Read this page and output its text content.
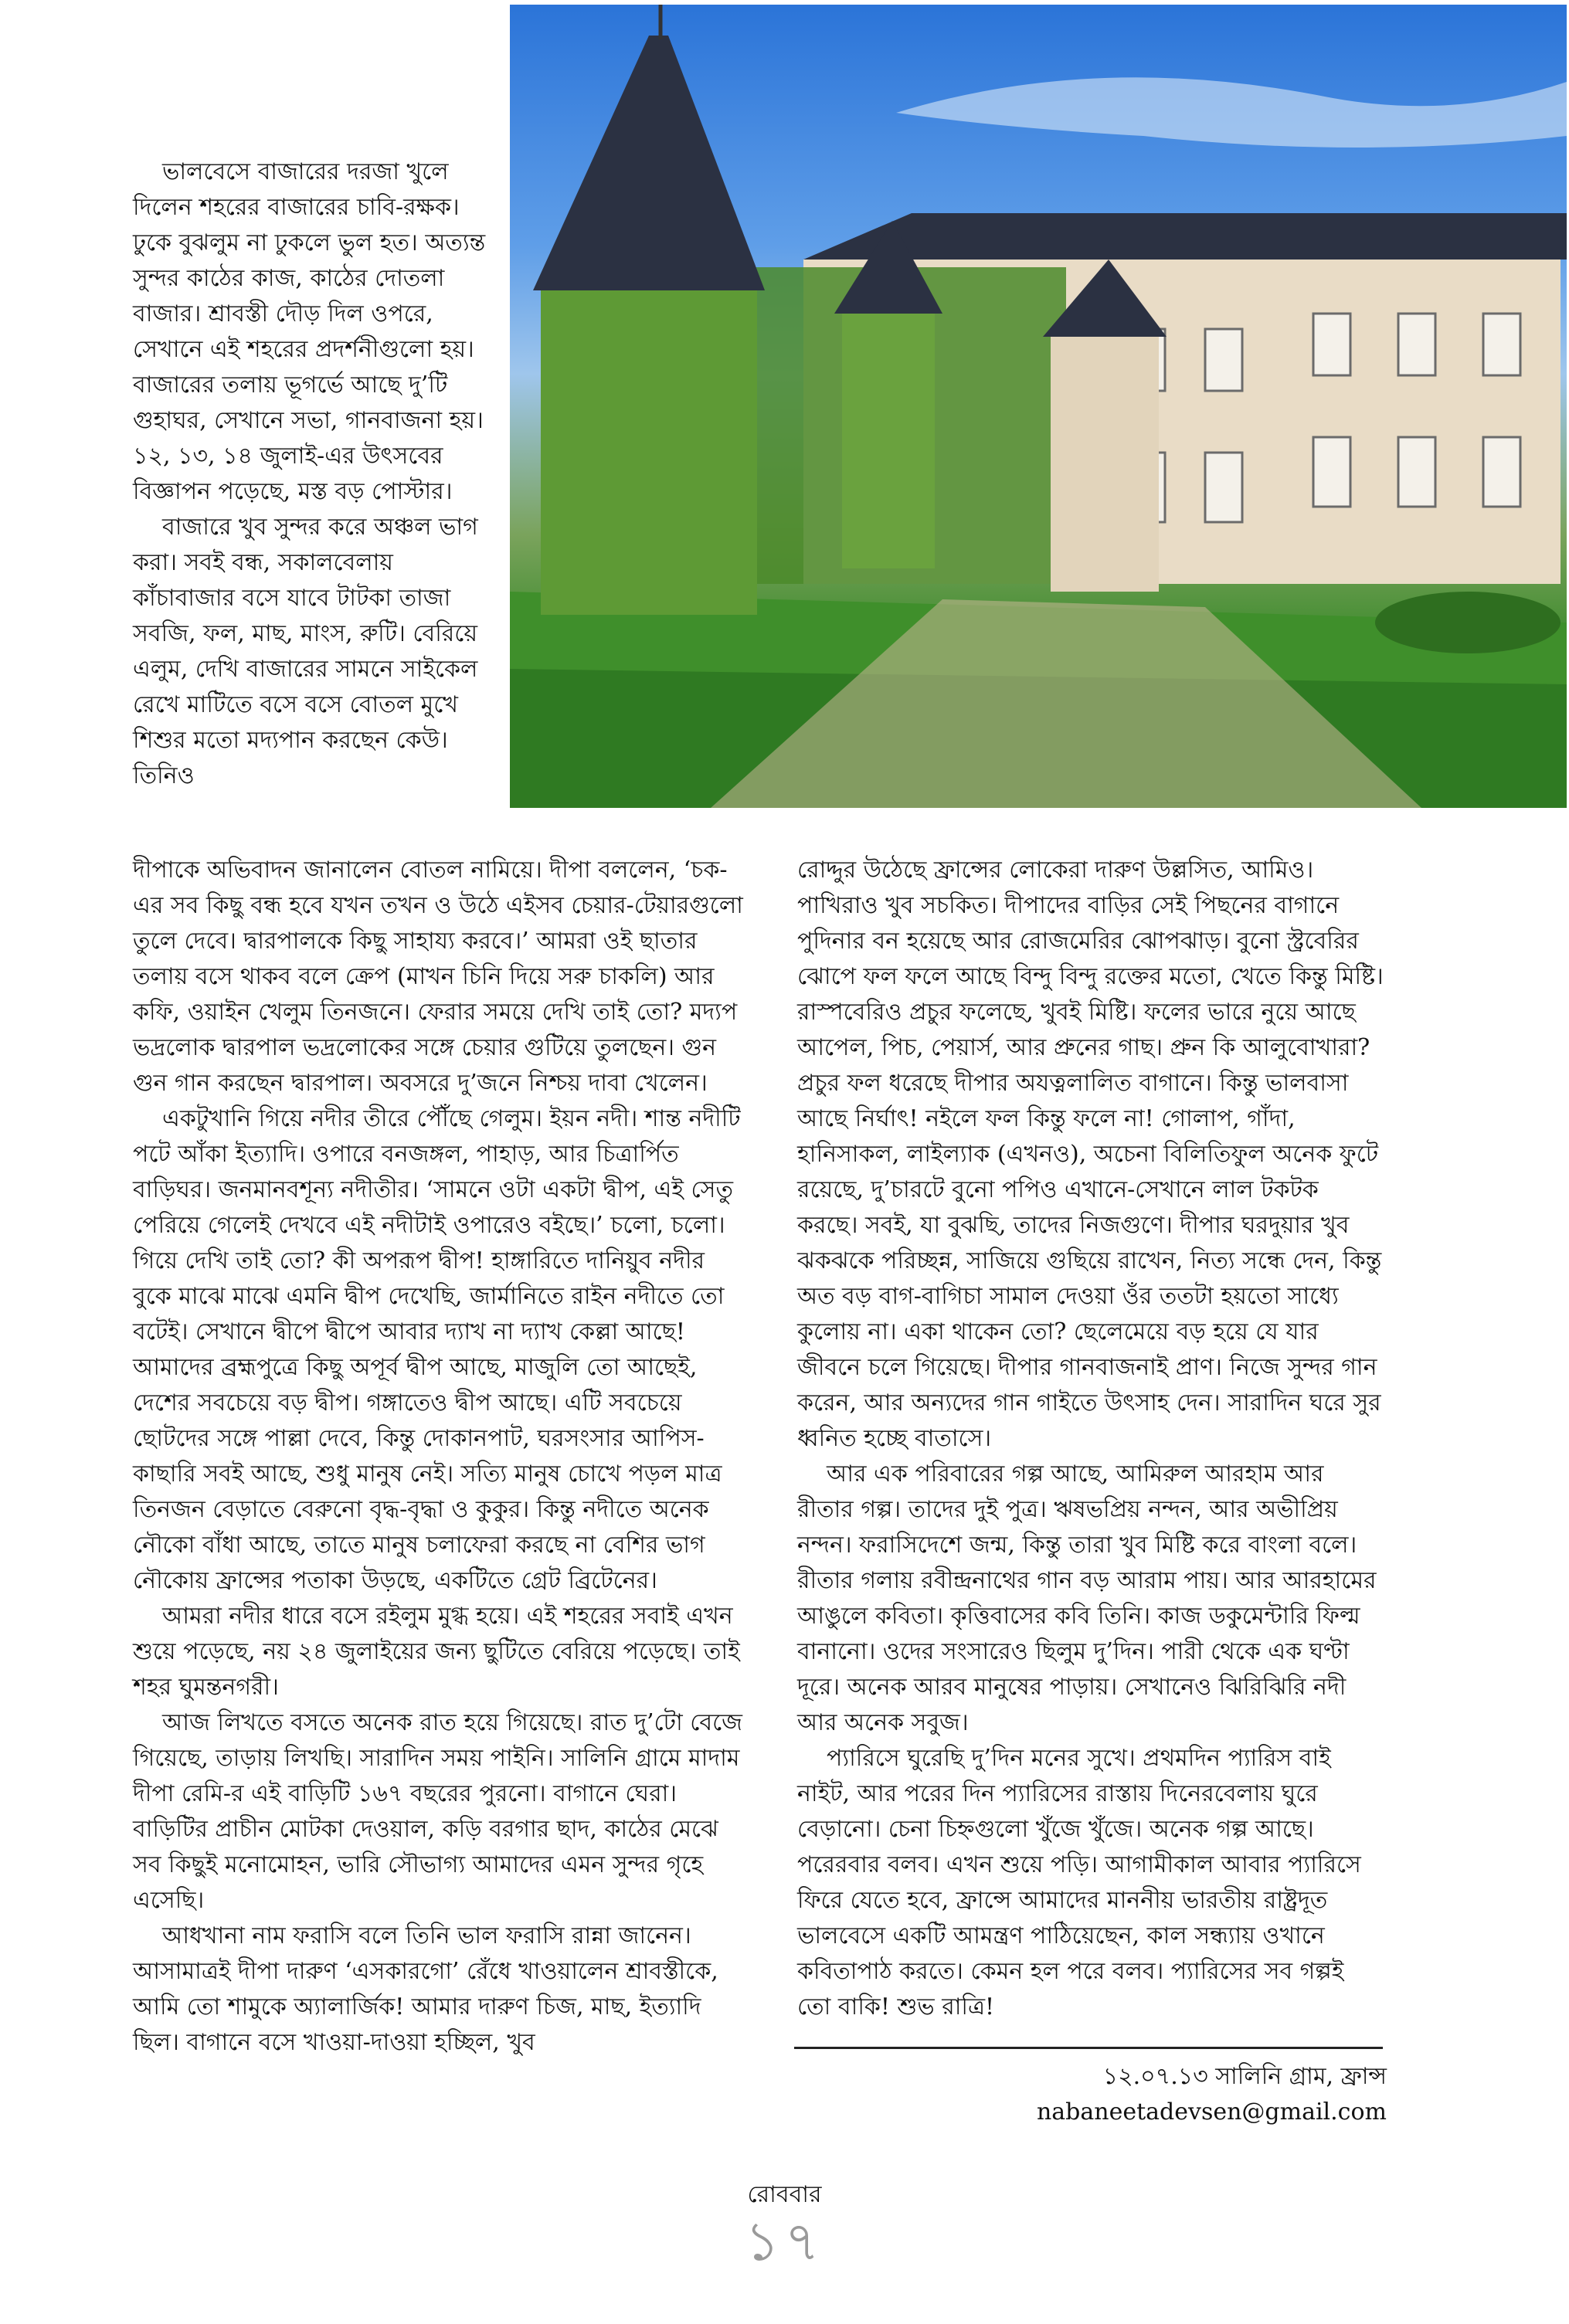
ভালবেসে বাজারের দরজা খুলে দিলেন শহরের বাজারের চাবি-রক্ষক। ঢুকে বুঝলুম না ঢুকলে ভুল হত। অত্যন্ত সুন্দর কাঠের কাজ, কাঠের দোতলা বাজার। শ্রাবস্তী দৌড় দিল ওপরে, সেখানে এই শহরের প্রদর্শনীগুলো হয়। বাজারের তলায় ভূগর্ভে আছে দু’টি গুহাঘর, সেখানে সভা, গানবাজনা হয়। ১২, ১৩, ১৪ জুলাই-এর উৎসবের বিজ্ঞাপন পড়েছে, মস্ত বড় পোস্টার।

বাজারে খুব সুন্দর করে অঞ্চল ভাগ করা। সবই বন্ধ, সকালবেলায় কাঁচাবাজার বসে যাবে টাটকা তাজা সবজি, ফল, মাছ, মাংস, রুটি। বেরিয়ে এলুম, দেখি বাজারের সামনে সাইকেল রেখে মাটিতে বসে বসে বোতল মুখে শিশুর মতো মদ্যপান করছেন কেউ। তিনিও

দীপাকে অভিবাদন জানালেন বোতল নামিয়ে। দীপা বললেন, ‘চক-এর সব কিছু বন্ধ হবে যখন তখন ও উঠে এইসব চেয়ার-টেয়ারগুলো তুলে দেবে। দ্বারপালকে কিছু সাহায্য করবে।’ আমরা ওই ছাতার তলায় বসে থাকব বলে ক্রেপ (মাখন চিনি দিয়ে সরু চাকলি) আর কফি, ওয়াইন খেলুম তিনজনে। ফেরার সময়ে দেখি তাই তো? মদ্যপ ভদ্রলোক দ্বারপাল ভদ্রলোকের সঙ্গে চেয়ার গুটিয়ে তুলছেন। গুন গুন গান করছেন দ্বারপাল। অবসরে দু’জনে নিশ্চয় দাবা খেলেন।

একটুখানি গিয়ে নদীর তীরে পৌঁছে গেলুম। ইয়ন নদী। শান্ত নদীটি পটে আঁকা ইত্যাদি। ওপারে বনজঙ্গল, পাহাড়, আর চিত্রার্পিত বাড়িঘর। জনমানবশূন্য নদীতীর। ‘সামনে ওটা একটা দ্বীপ, এই সেতু পেরিয়ে গেলেই দেখবে এই নদীটাই ওপারেও বইছে।’ চলো, চলো। গিয়ে দেখি তাই তো? কী অপরূপ দ্বীপ! হাঙ্গারিতে দানিয়ুব নদীর বুকে মাঝে মাঝে এমনি দ্বীপ দেখেছি, জার্মানিতে রাইন নদীতে তো বটেই। সেখানে দ্বীপে দ্বীপে আবার দ্যাখ না দ্যাখ কেল্লা আছে! আমাদের ব্রহ্মপুত্রে কিছু অপূর্ব দ্বীপ আছে, মাজুলি তো আছেই, দেশের সবচেয়ে বড় দ্বীপ। গঙ্গাতেও দ্বীপ আছে। এটি সবচেয়ে ছোটদের সঙ্গে পাল্লা দেবে, কিন্তু দোকানপাট, ঘরসংসার আপিস-কাছারি সবই আছে, শুধু মানুষ নেই। সত্যি মানুষ চোখে পড়ল মাত্র তিনজন বেড়াতে বেরুনো বৃদ্ধ-বৃদ্ধা ও কুকুর। কিন্তু নদীতে অনেক নৌকো বাঁধা আছে, তাতে মানুষ চলাফেরা করছে না বেশির ভাগ নৌকোয় ফ্রান্সের পতাকা উড়ছে, একটিতে গ্রেট ব্রিটেনের।

আমরা নদীর ধারে বসে রইলুম মুগ্ধ হয়ে। এই শহরের সবাই এখন শুয়ে পড়েছে, নয় ২৪ জুলাইয়ের জন্য ছুটিতে বেরিয়ে পড়েছে। তাই শহর ঘুমন্তনগরী।

আজ লিখতে বসতে অনেক রাত হয়ে গিয়েছে। রাত দু’টো বেজে গিয়েছে, তাড়ায় লিখছি। সারাদিন সময় পাইনি। সালিনি গ্রামে মাদাম দীপা রেমি-র এই বাড়িটি ১৬৭ বছরের পুরনো। বাগানে ঘেরা। বাড়িটির প্রাচীন মোটকা দেওয়াল, কড়ি বরগার ছাদ, কাঠের মেঝে সব কিছুই মনোমোহন, ভারি সৌভাগ্য আমাদের এমন সুন্দর গৃহে এসেছি।

আধখানা নাম ফরাসি বলে তিনি ভাল ফরাসি রান্না জানেন। আসামাত্রই দীপা দারুণ ‘এসকারগো’ রেঁধে খাওয়ালেন শ্রাবস্তীকে, আমি তো শামুকে অ্যালার্জিক! আমার দারুণ চিজ, মাছ, ইত্যাদি ছিল। বাগানে বসে খাওয়া-দাওয়া হচ্ছিল, খুব

রোদ্দুর উঠেছে ফ্রান্সের লোকেরা দারুণ উল্লসিত, আমিও। পাখিরাও খুব সচকিত। দীপাদের বাড়ির সেই পিছনের বাগানে পুদিনার বন হয়েছে আর রোজমেরির ঝোপঝাড়। বুনো স্ট্রবেরির ঝোপে ফল ফলে আছে বিন্দু বিন্দু রক্তের মতো, খেতে কিন্তু মিষ্টি। রাস্পবেরিও প্রচুর ফলেছে, খুবই মিষ্টি। ফলের ভারে নুয়ে আছে আপেল, পিচ, পেয়ার্স, আর প্রুনের গাছ। প্রুন কি আলুবোখারা? প্রচুর ফল ধরেছে দীপার অযত্নলালিত বাগানে। কিন্তু ভালবাসা আছে নির্ঘাৎ! নইলে ফল কিন্তু ফলে না! গোলাপ, গাঁদা, হানিসাকল, লাইল্যাক (এখনও), অচেনা বিলিতিফুল অনেক ফুটে রয়েছে, দু’চারটে বুনো পপিও এখানে-সেখানে লাল টকটক করছে। সবই, যা বুঝছি, তাদের নিজগুণে। দীপার ঘরদুয়ার খুব ঝকঝকে পরিচ্ছন্ন, সাজিয়ে গুছিয়ে রাখেন, নিত্য সন্ধে দেন, কিন্তু অত বড় বাগ-বাগিচা সামাল দেওয়া ওঁর ততটা হয়তো সাধ্যে কুলোয় না। একা থাকেন তো? ছেলেমেয়ে বড় হয়ে যে যার জীবনে চলে গিয়েছে। দীপার গানবাজনাই প্রাণ। নিজে সুন্দর গান করেন, আর অন্যদের গান গাইতে উৎসাহ দেন। সারাদিন ঘরে সুর ধ্বনিত হচ্ছে বাতাসে।

আর এক পরিবারের গল্প আছে, আমিরুল আরহাম আর রীতার গল্প। তাদের দুই পুত্র। ঋষভপ্রিয় নন্দন, আর অভীপ্রিয় নন্দন। ফরাসিদেশে জন্ম, কিন্তু তারা খুব মিষ্টি করে বাংলা বলে। রীতার গলায় রবীন্দ্রনাথের গান বড় আরাম পায়। আর আরহামের আঙুলে কবিতা। কৃত্তিবাসের কবি তিনি। কাজ ডকুমেন্টারি ফিল্ম বানানো। ওদের সংসারেও ছিলুম দু’দিন। পারী থেকে এক ঘণ্টা দূরে। অনেক আরব মানুষের পাড়ায়। সেখানেও ঝিরিঝিরি নদী আর অনেক সবুজ।

প্যারিসে ঘুরেছি দু’দিন মনের সুখে। প্রথমদিন প্যারিস বাই নাইট, আর পরের দিন প্যারিসের রাস্তায় দিনেরবেলায় ঘুরে বেড়ানো। চেনা চিহ্নগুলো খুঁজে খুঁজে। অনেক গল্প আছে। পরেরবার বলব। এখন শুয়ে পড়ি। আগামীকাল আবার প্যারিসে ফিরে যেতে হবে, ফ্রান্সে আমাদের মাননীয় ভারতীয় রাষ্ট্রদূত ভালবেসে একটি আমন্ত্রণ পাঠিয়েছেন, কাল সন্ধ্যায় ওখানে কবিতাপাঠ করতে। কেমন হল পরে বলব। প্যারিসের সব গল্পই তো বাকি! শুভ রাত্রি!

১২.০৭.১৩ সালিনি গ্রাম, ফ্রান্স
nabaneetadevsen@gmail.com
রোববার
১৭
